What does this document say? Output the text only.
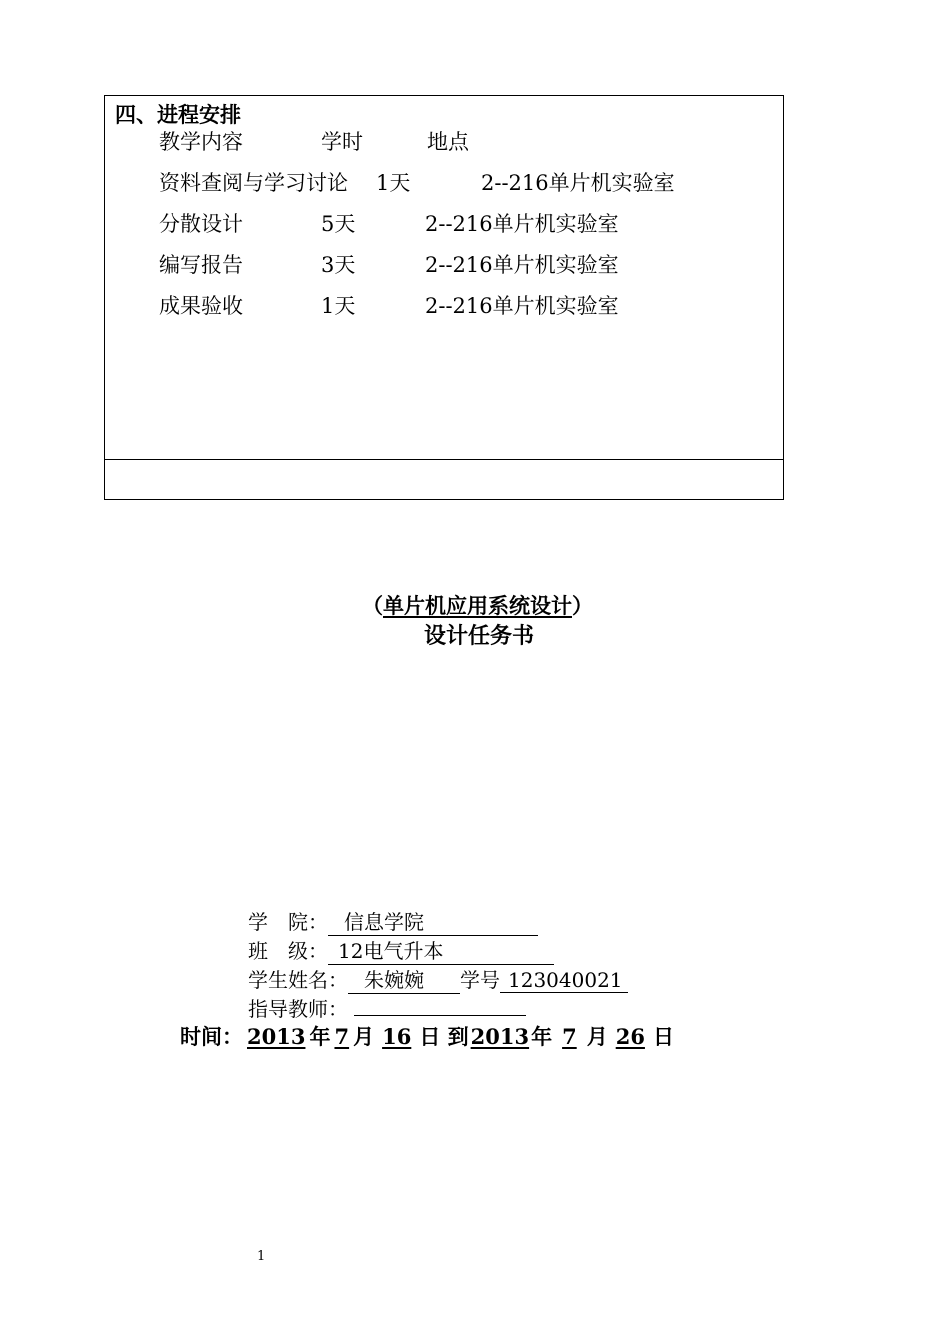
四、进程安排
教学内容	学时	地点
资料查阅与学习讨论 1天	2--216单片机实验室
分散设计	5天	2--216单片机实验室
编写报告	3天	2--216单片机实验室
成果验收	1天	2--216单片机实验室
（单片机应用系统设计）
设计任务书
学　院： 信息学院
班　级： 12电气升本
学生姓名： 朱婉婉 学号 123040021
指导教师：
时间： 2013 年 7 月 16 日 到2013年 7 月 26 日
1
